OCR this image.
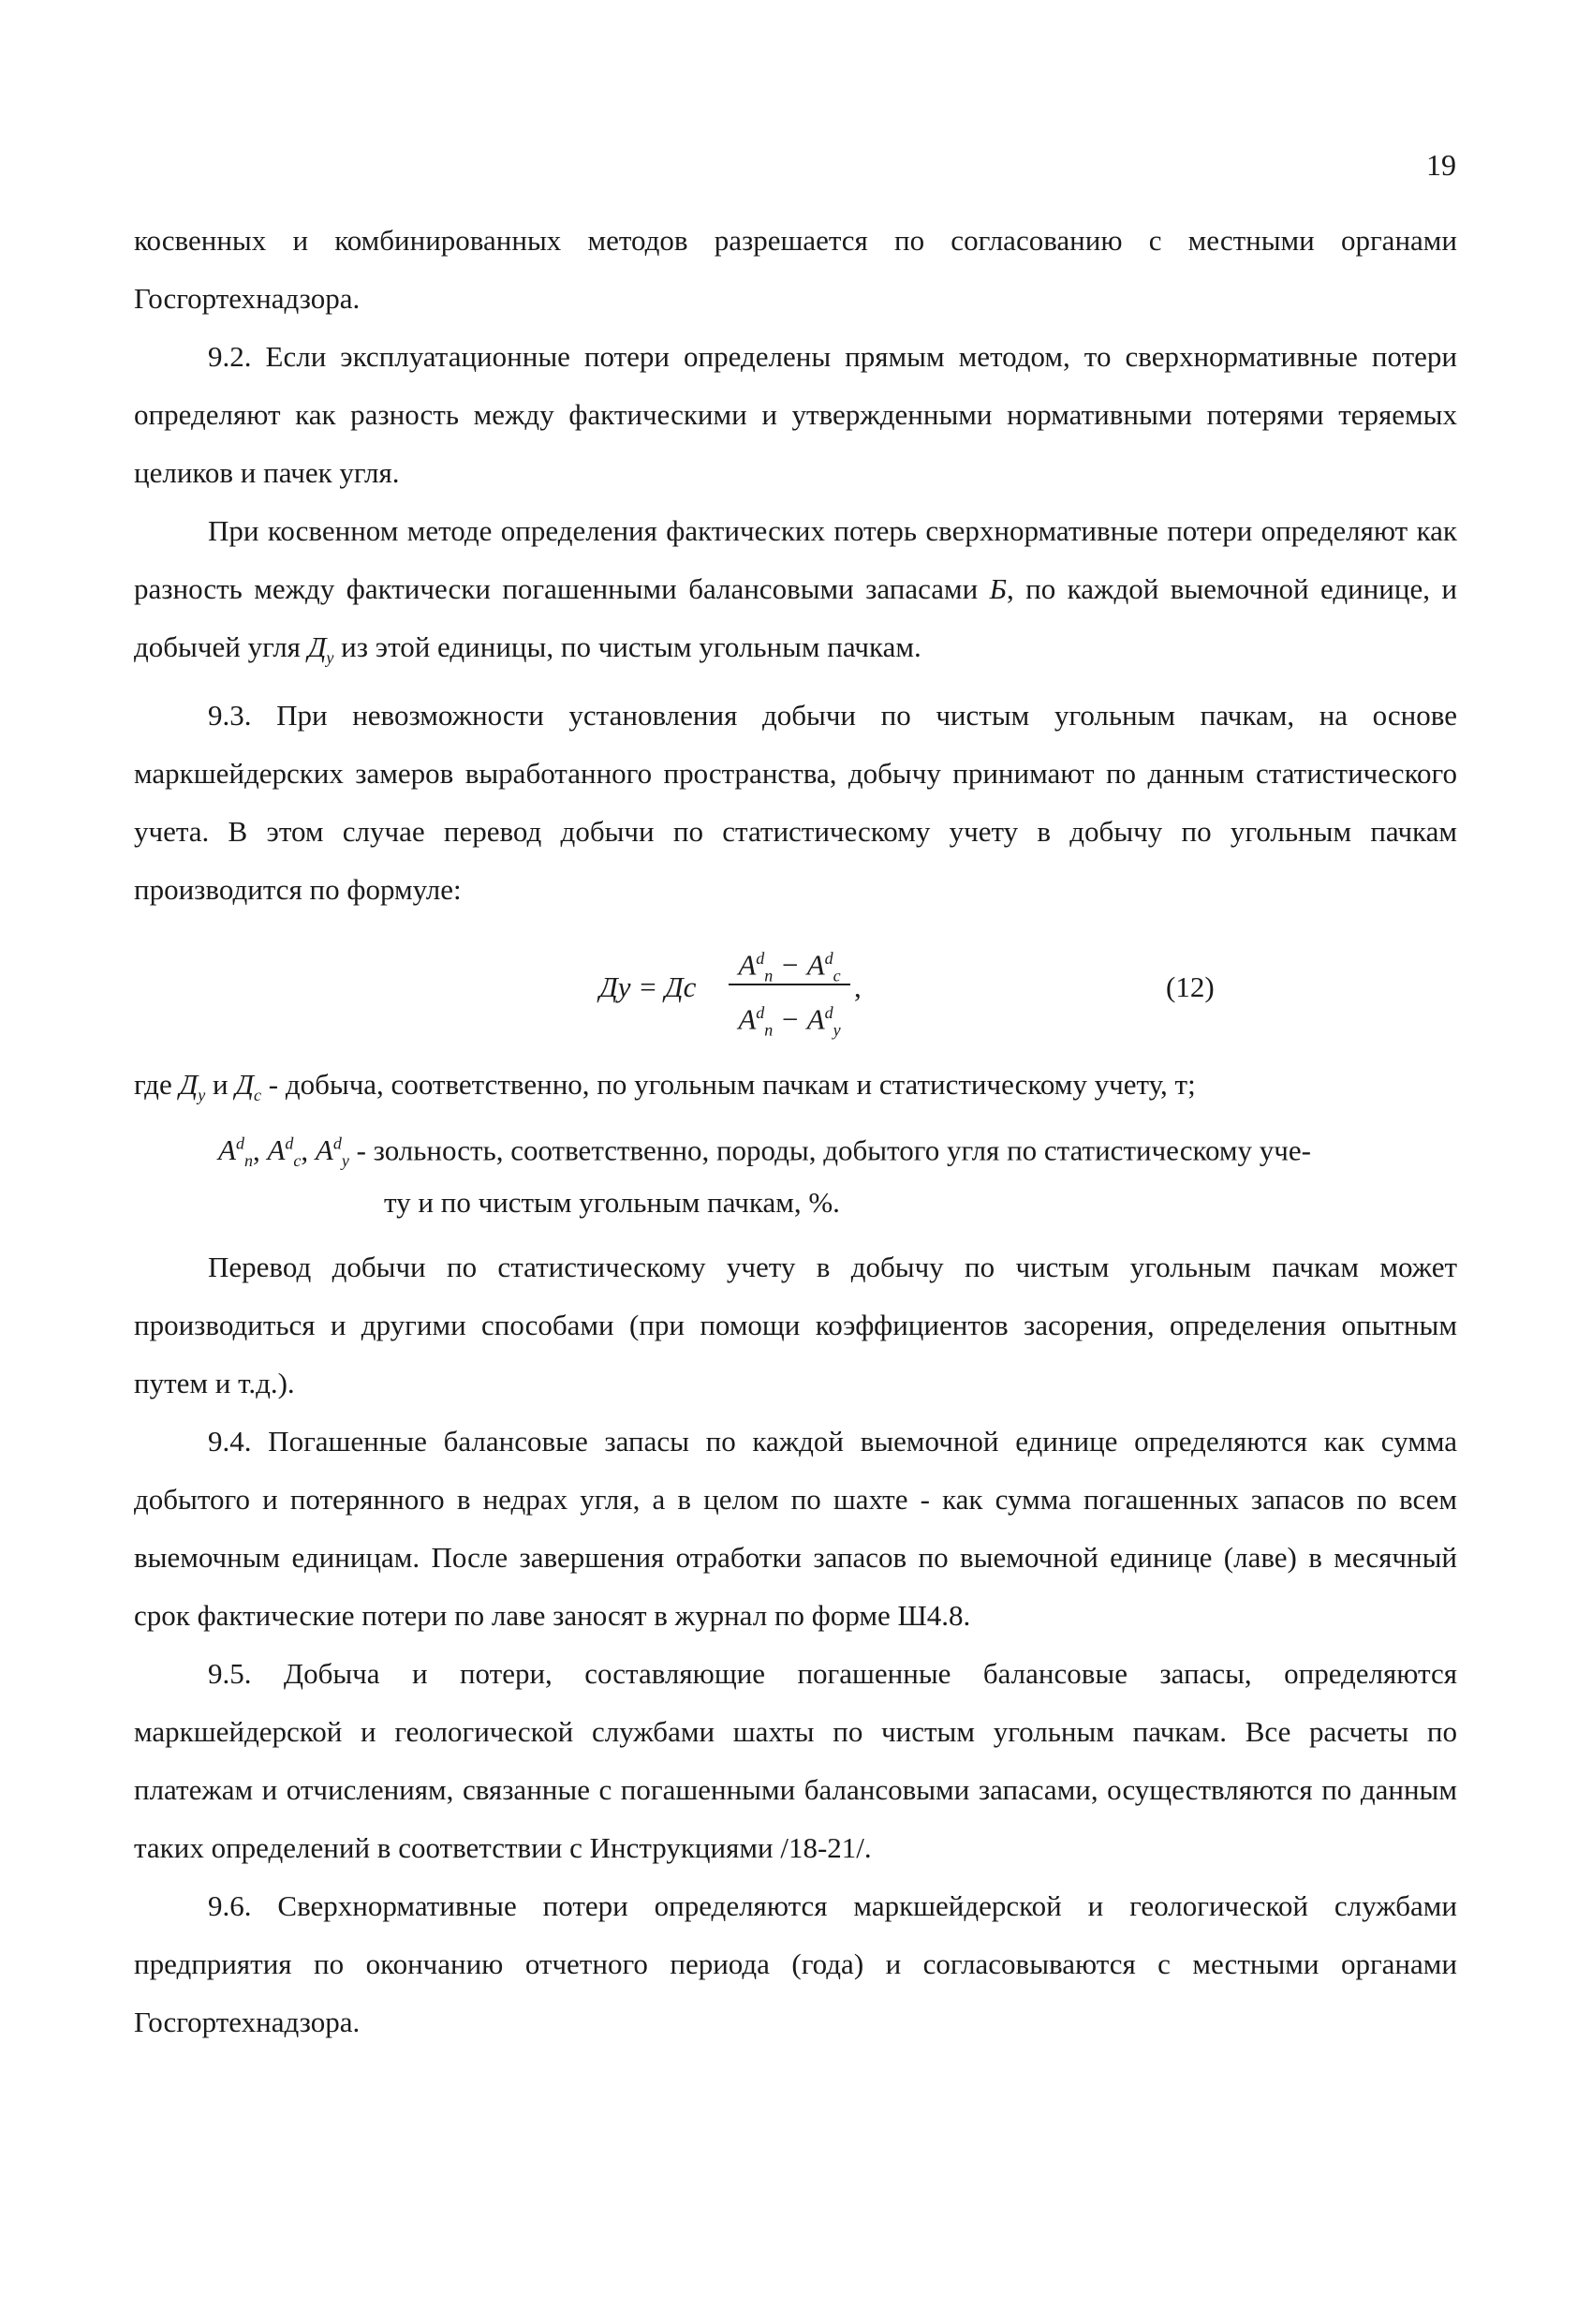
19

косвенных и комбинированных методов разрешается по согласованию с местными органами Госгортехнадзора.

9.2. Если эксплуатационные потери определены прямым методом, то сверхнормативные потери определяют как разность между фактическими и утвержденными нормативными потерями теряемых целиков и пачек угля.

При косвенном методе определения фактических потерь сверхнормативные потери определяют как разность между фактически погашенными балансовыми запасами Б, по каждой выемочной единице, и добычей угля $Д_у$ из этой единицы, по чистым угольным пачкам.

9.3. При невозможности установления добычи по чистым угольным пачкам, на основе маркшейдерских замеров выработанного пространства, добычу принимают по данным статистического учета. В этом случае перевод добычи по статистическому учету в добычу по угольным пачкам производится по формуле:

Ду = Дс
$A^d_п - A^d_с$
$A^d_п - A^d_у$
,	(12)
где $Д_у$ и $Д_с$ - добыча, соответственно, по угольным пачкам и статистическому учету, т;
$A^d_п$, $A^d_с$, $A^d_у$ - зольность, соответственно, породы, добытого угля по статистическому уче-
ту и по чистым угольным пачкам, %.

Перевод добычи по статистическому учету в добычу по чистым угольным пачкам может производиться и другими способами (при помощи коэффициентов засорения, определения опытным путем и т.д.).

9.4. Погашенные балансовые запасы по каждой выемочной единице определяются как сумма добытого и потерянного в недрах угля, а в целом по шахте - как сумма погашенных запасов по всем выемочным единицам. После завершения отработки запасов по выемочной единице (лаве) в месячный срок фактические потери по лаве заносят в журнал по форме Ш4.8.

9.5. Добыча и потери, составляющие погашенные балансовые запасы, определяются маркшейдерской и геологической службами шахты по чистым угольным пачкам. Все расчеты по платежам и отчислениям, связанные с погашенными балансовыми запасами, осуществляются по данным таких определений в соответствии с Инструкциями /18-21/.

9.6. Сверхнормативные потери определяются маркшейдерской и геологической службами предприятия по окончанию отчетного периода (года) и согласовываются с местными органами Госгортехнадзора.
